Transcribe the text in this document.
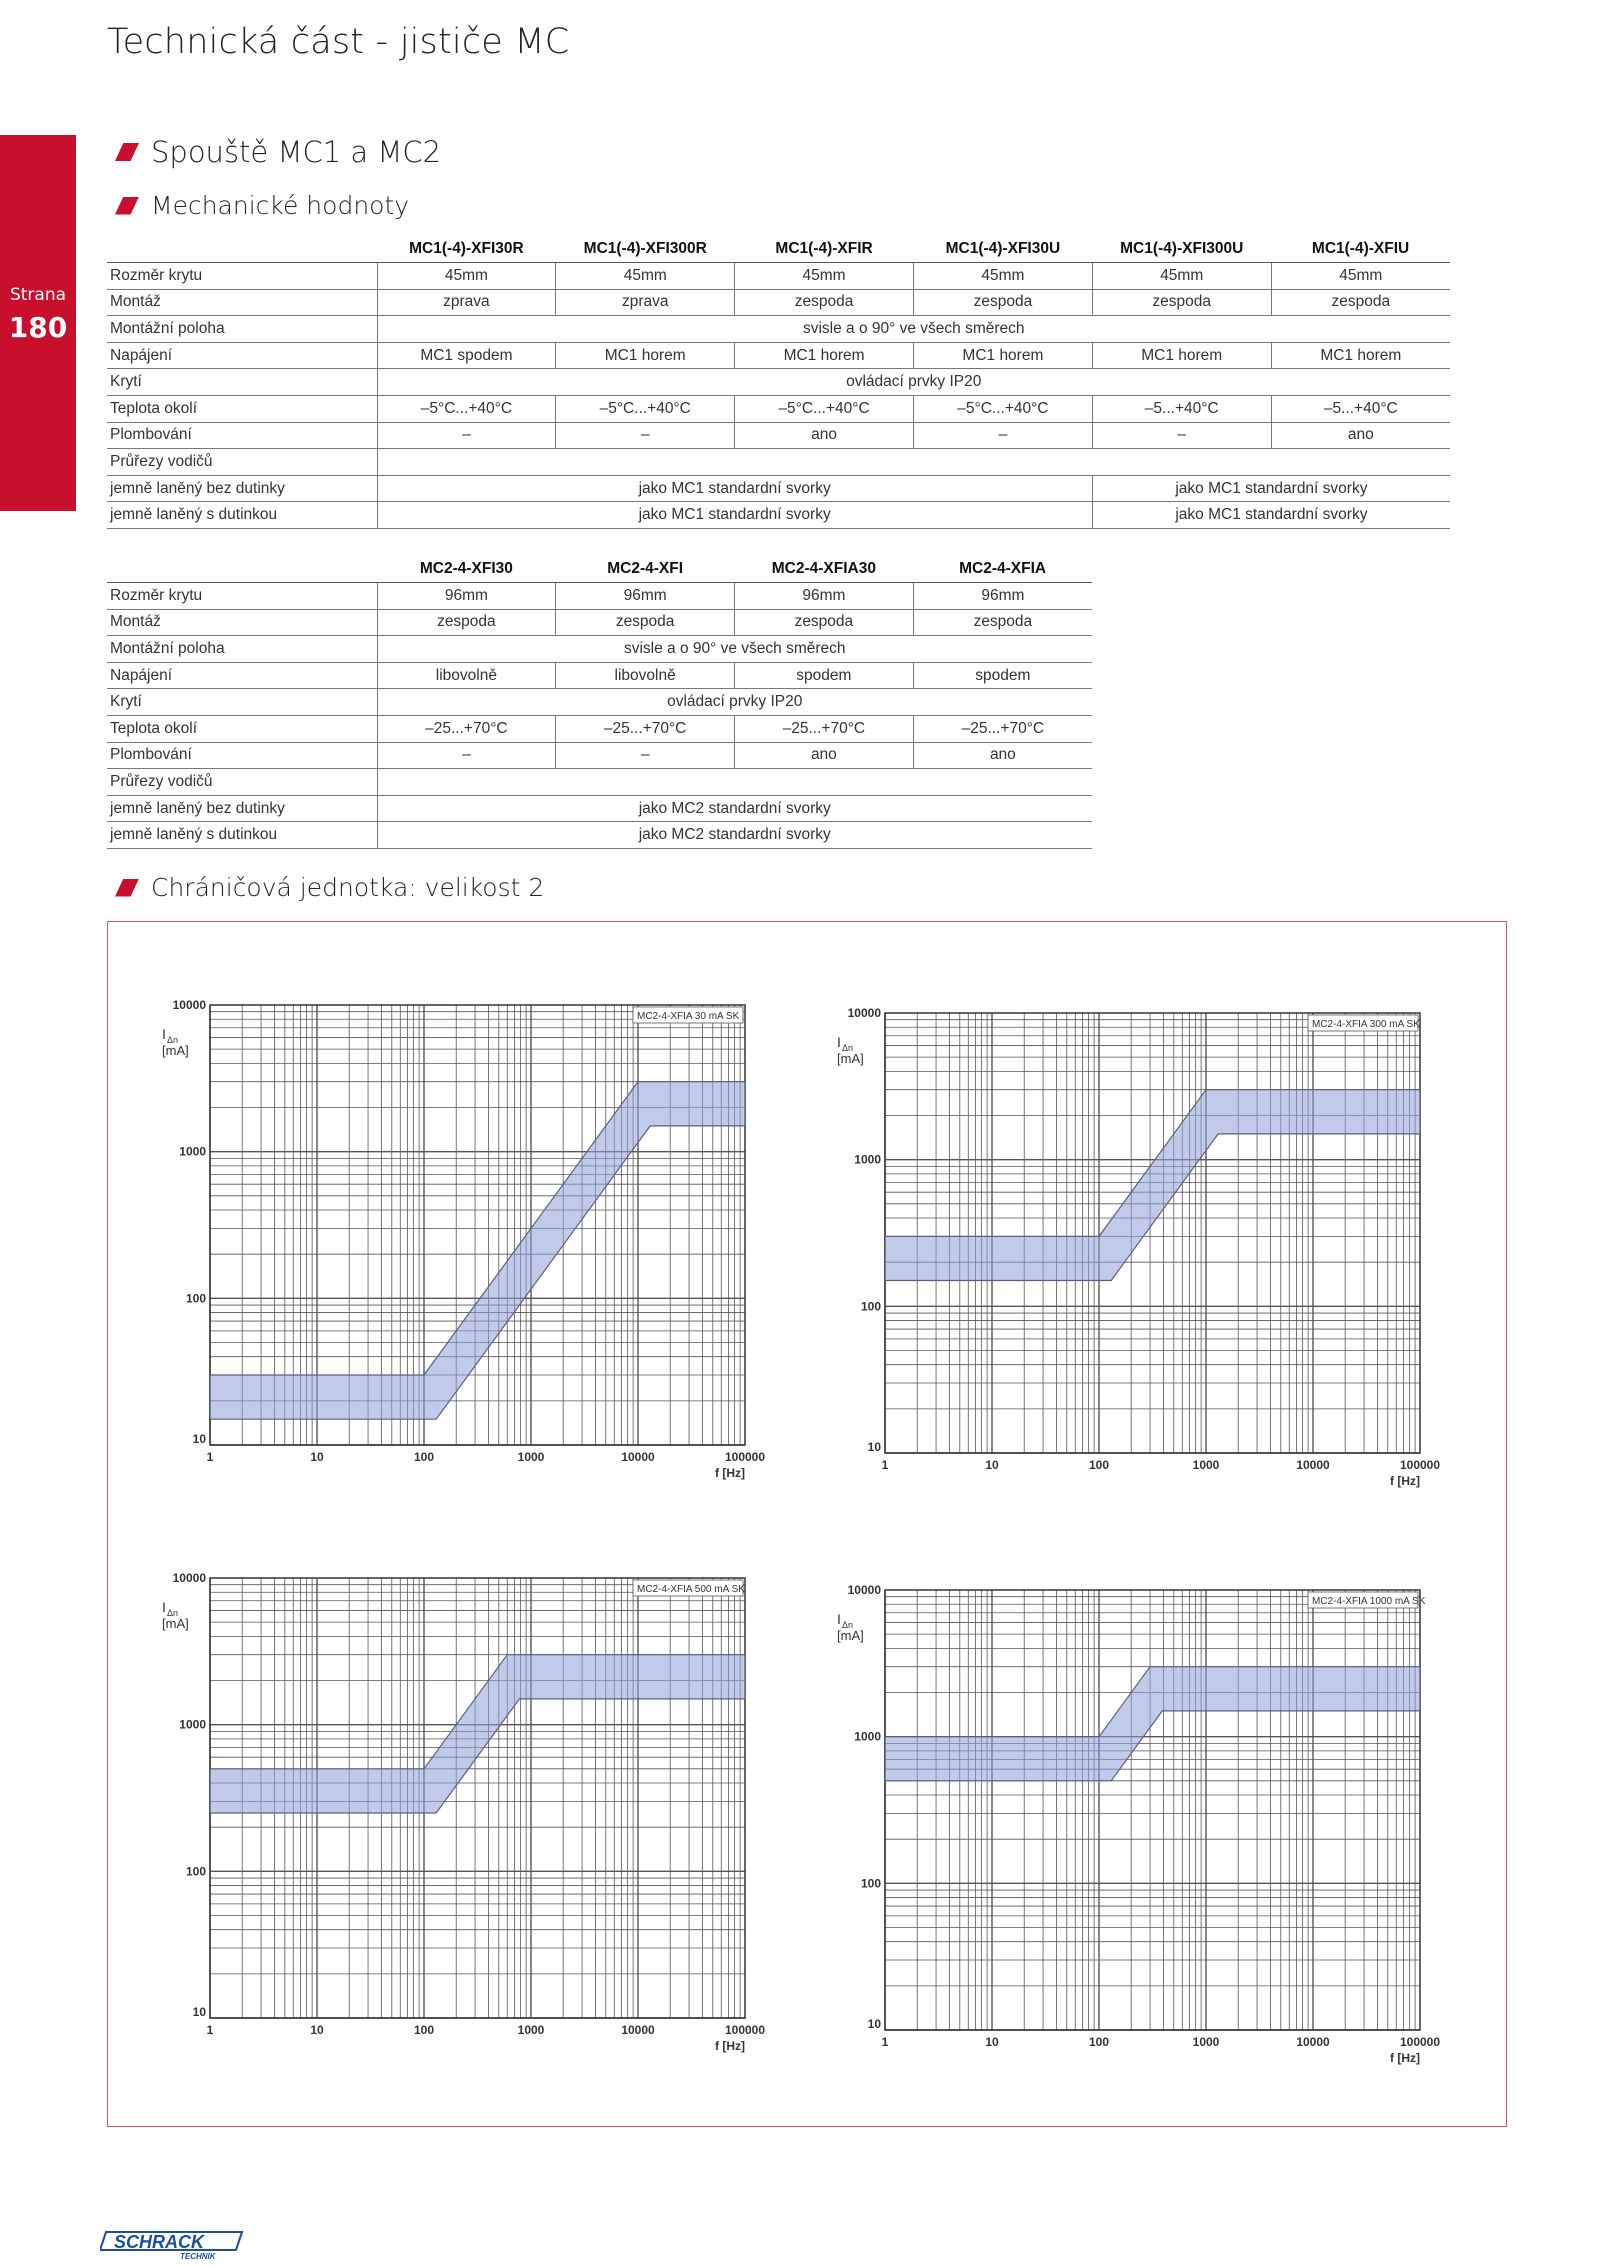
Technická část - jističe MC
Strana
180
Spouště MC1 a MC2
Mechanické hodnoty
	MC1(-4)-XFI30R	MC1(-4)-XFI300R	MC1(-4)-XFIR	MC1(-4)-XFI30U	MC1(-4)-XFI300U	MC1(-4)-XFIU
Rozměr krytu	45mm	45mm	45mm	45mm	45mm	45mm
Montáž	zprava	zprava	zespoda	zespoda	zespoda	zespoda
Montážní poloha	svisle a o 90° ve všech směrech					
Napájení	MC1 spodem	MC1 horem	MC1 horem	MC1 horem	MC1 horem	MC1 horem
Krytí	ovládací prvky IP20					
Teplota okolí	–5°C...+40°C	–5°C...+40°C	–5°C...+40°C	–5°C...+40°C	–5...+40°C	–5...+40°C
Plombování	–	–	ano	–	–	ano
Průřezy vodičů						
jemně laněný bez dutinky	jako MC1 standardní svorky				jako MC1 standardní svorky	
jemně laněný s dutinkou	jako MC1 standardní svorky				jako MC1 standardní svorky	
	MC2-4-XFI30	MC2-4-XFI	MC2-4-XFIA30	MC2-4-XFIA
Rozměr krytu	96mm	96mm	96mm	96mm
Montáž	zespoda	zespoda	zespoda	zespoda
Montážní poloha	svisle a o 90° ve všech směrech			
Napájení	libovolně	libovolně	spodem	spodem
Krytí	ovládací prvky IP20			
Teplota okolí	–25...+70°C	–25...+70°C	–25...+70°C	–25...+70°C
Plombování	–	–	ano	ano
Průřezy vodičů				
jemně laněný bez dutinky	jako MC2 standardní svorky			
jemně laněný s dutinkou	jako MC2 standardní svorky			
Chráničová jednotka: velikost 2
MC2-4-XFIA 30 mA SK
1	10	100	1000	10000	100000
10
100
1000
10000
I Δn
[mA]
f [Hz]
MC2-4-XFIA 300 mA SK
1	10	100	1000	10000	100000
10
100
1000
10000
I Δn
[mA]
f [Hz]
MC2-4-XFIA 500 mA SK
1	10	100	1000	10000	100000
10
100
1000
10000
I Δn
[mA]
f [Hz]
MC2-4-XFIA 1000 mA SK
1	10	100	1000	10000	100000
10
100
1000
10000
I Δn
[mA]
f [Hz]
SCHRACK
TECHNIK
